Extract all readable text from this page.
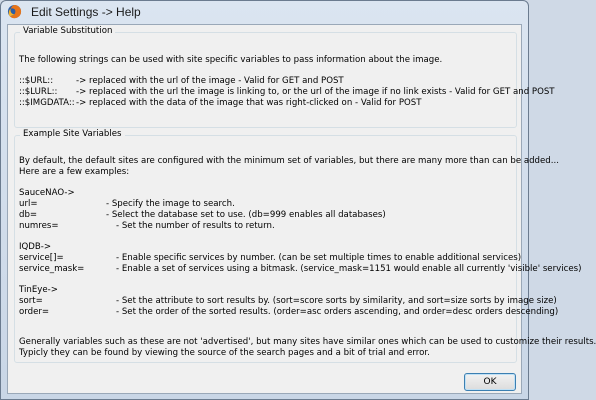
Edit Settings -> Help
Variable Substitution
The following strings can be used with site specific variables to pass information about the image.
::$URL::	-> replaced with the url of the image - Valid for GET and POST
::$LURL:: -> replaced with the url the image is linking to, or the url of the image if no link exists - Valid for GET and POST
::$IMGDATA:: -> replaced with the data of the image that was right-clicked on - Valid for POST
Example Site Variables
By default, the default sites are configured with the minimum set of variables, but there are many more than can be added...
Here are a few examples:
SauceNAO->
url=	- Specify the image to search.
db=	- Select the database set to use. (db=999 enables all databases)
numres=	- Set the number of results to return.
IQDB->
service[]=	- Enable specific services by number. (can be set multiple times to enable additional services)
service_mask=	- Enable a set of services using a bitmask. (service_mask=1151 would enable all currently 'visible' services)
TinEye->
sort=	- Set the attribute to sort results by. (sort=score sorts by similarity, and sort=size sorts by image size)
order=	- Set the order of the sorted results. (order=asc orders ascending, and order=desc orders descending)
Generally variables such as these are not 'advertised', but many sites have similar ones which can be used to customize their results.
Typicly they can be found by viewing the source of the search pages and a bit of trial and error.
OK
